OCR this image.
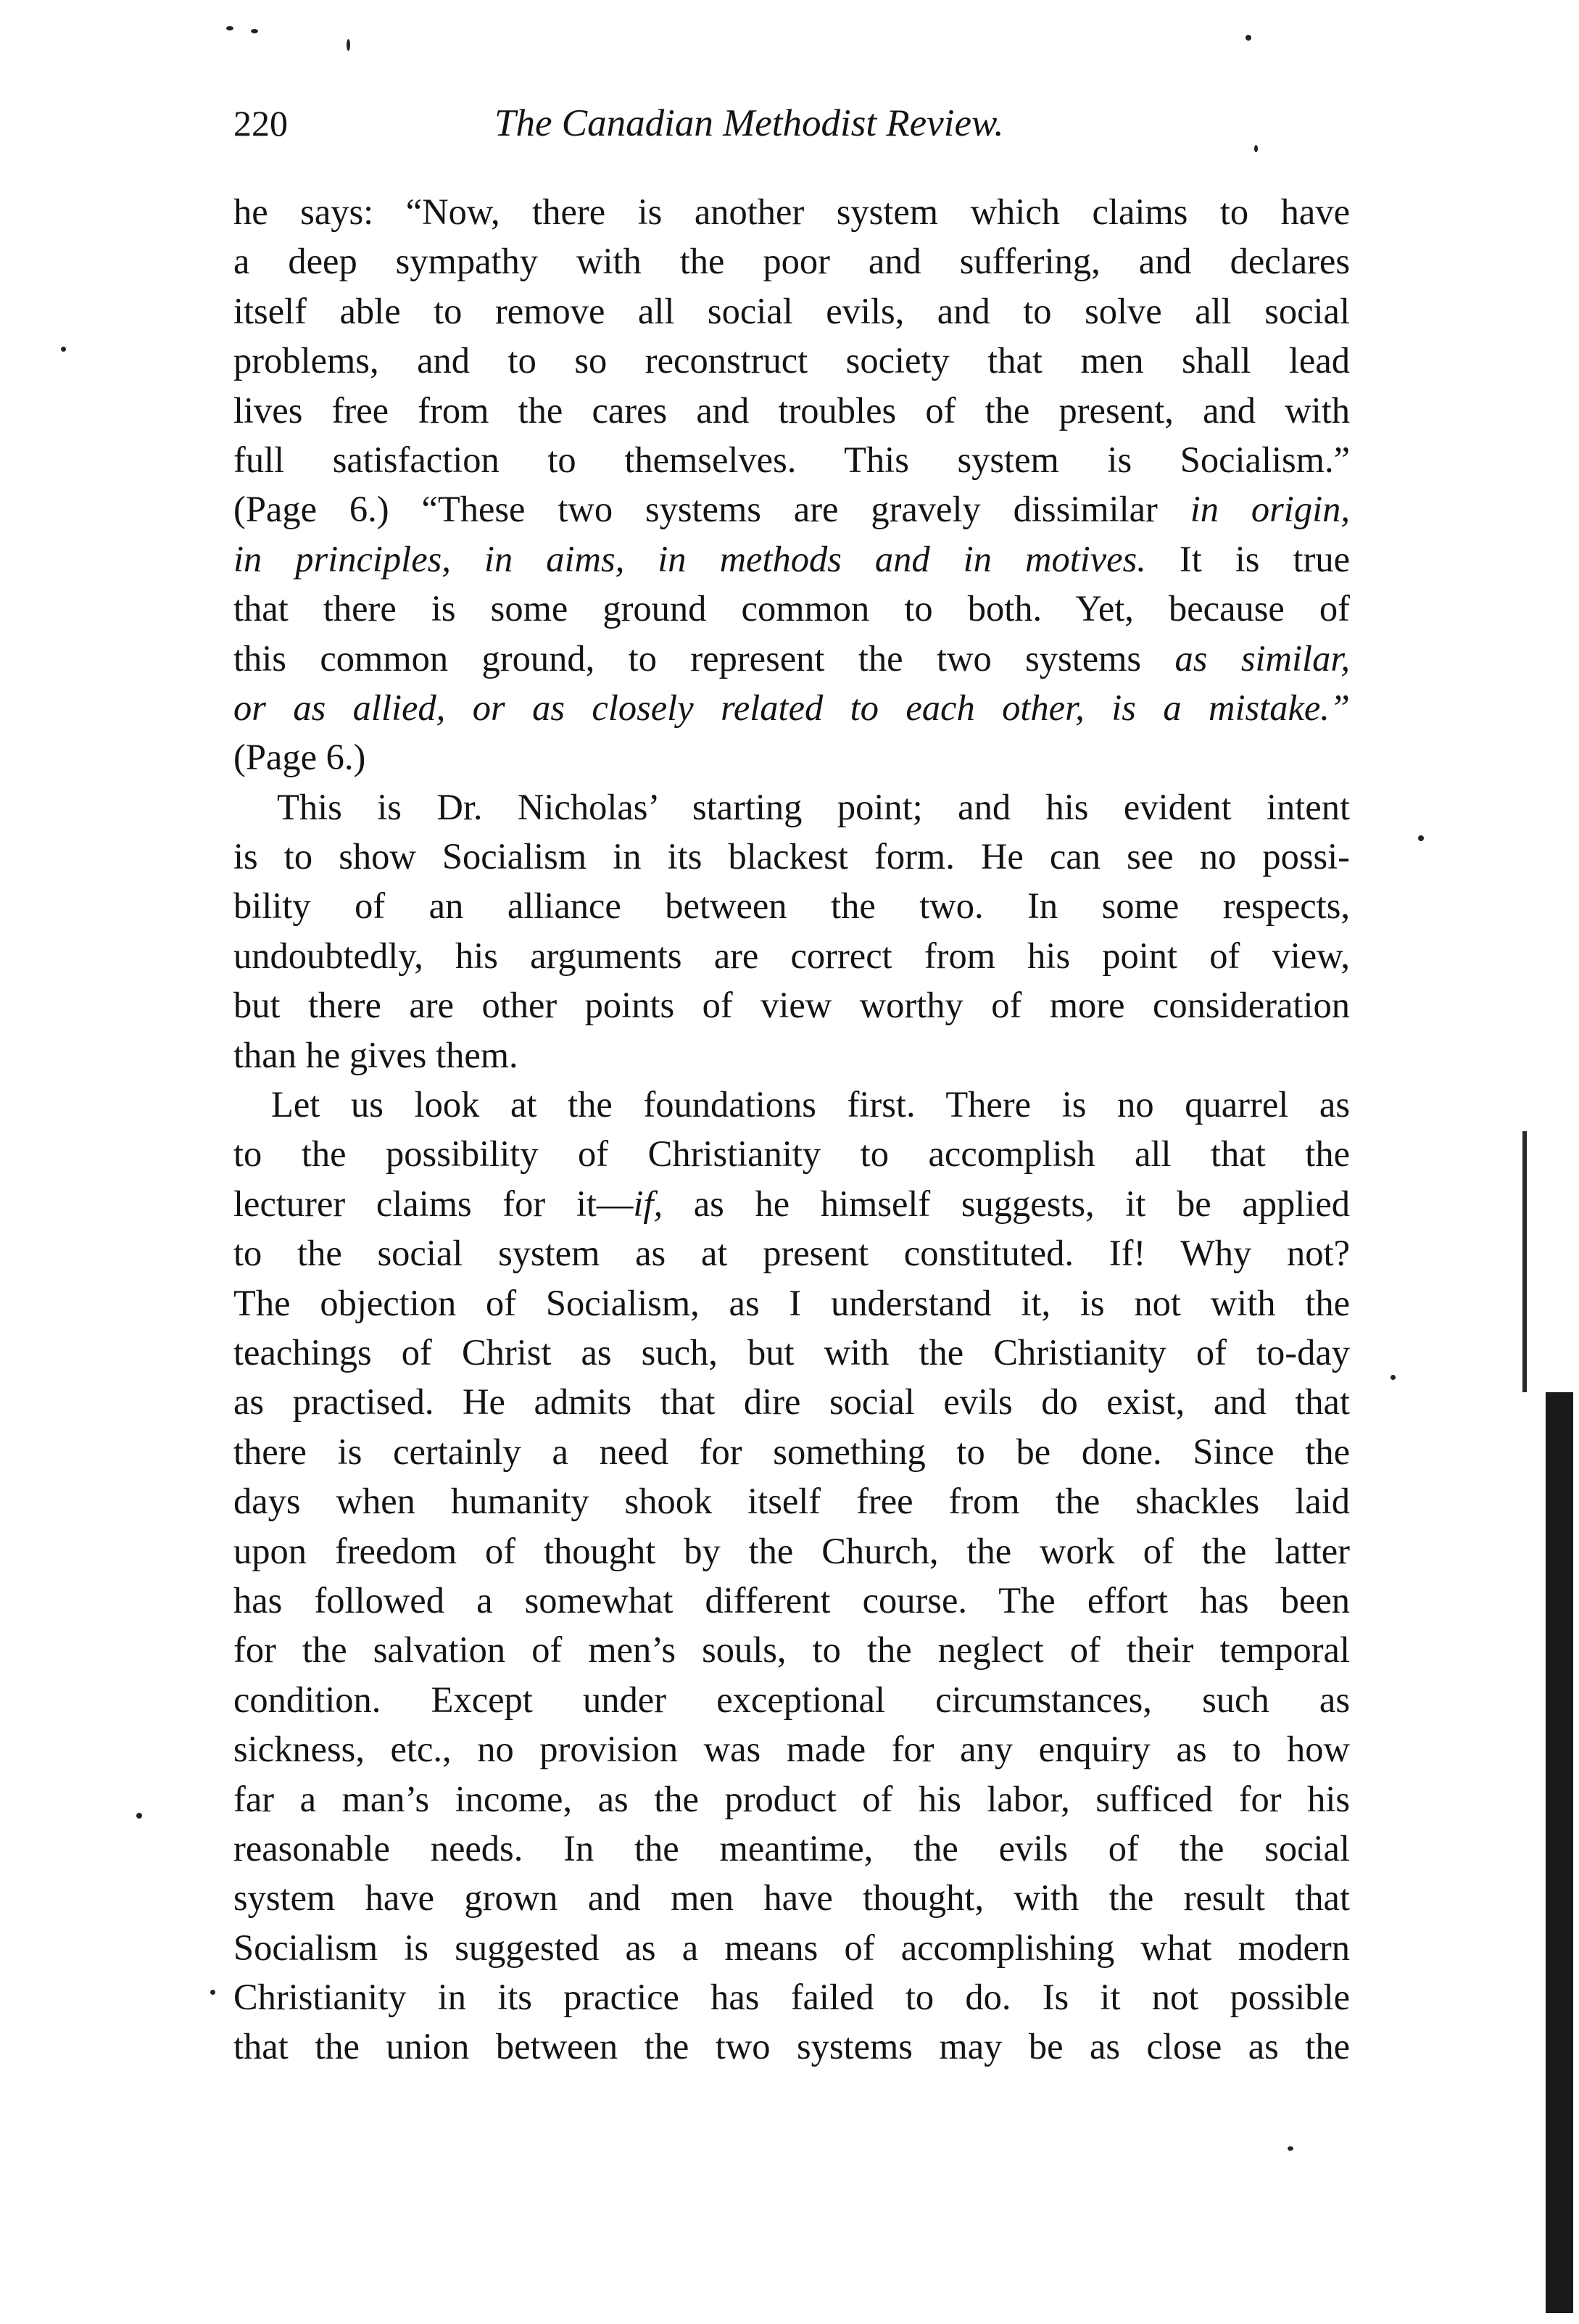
220	The Canadian Methodist Review.
he says: “Now, there is another system which claims to have
a deep sympathy with the poor and suffering, and declares
itself able to remove all social evils, and to solve all social
problems, and to so reconstruct society that men shall lead
lives free from the cares and troubles of the present, and with
full satisfaction to themselves. This system is Socialism.”
(Page 6.) “These two systems are gravely dissimilar in origin,
in principles, in aims, in methods and in motives. It is true
that there is some ground common to both. Yet, because of
this common ground, to represent the two systems as similar,
or as allied, or as closely related to each other, is a mistake.”
(Page 6.)
This is Dr. Nicholas’ starting point; and his evident intent
is to show Socialism in its blackest form. He can see no possi-
bility of an alliance between the two. In some respects,
undoubtedly, his arguments are correct from his point of view,
but there are other points of view worthy of more consideration
than he gives them.
Let us look at the foundations first. There is no quarrel as
to the possibility of Christianity to accomplish all that the
lecturer claims for it—if, as he himself suggests, it be applied
to the social system as at present constituted. If! Why not?
The objection of Socialism, as I understand it, is not with the
teachings of Christ as such, but with the Christianity of to-day
as practised. He admits that dire social evils do exist, and that
there is certainly a need for something to be done. Since the
days when humanity shook itself free from the shackles laid
upon freedom of thought by the Church, the work of the latter
has followed a somewhat different course. The effort has been
for the salvation of men’s souls, to the neglect of their temporal
condition. Except under exceptional circumstances, such as
sickness, etc., no provision was made for any enquiry as to how
far a man’s income, as the product of his labor, sufficed for his
reasonable needs. In the meantime, the evils of the social
system have grown and men have thought, with the result that
Socialism is suggested as a means of accomplishing what modern
Christianity in its practice has failed to do. Is it not possible
that the union between the two systems may be as close as the
